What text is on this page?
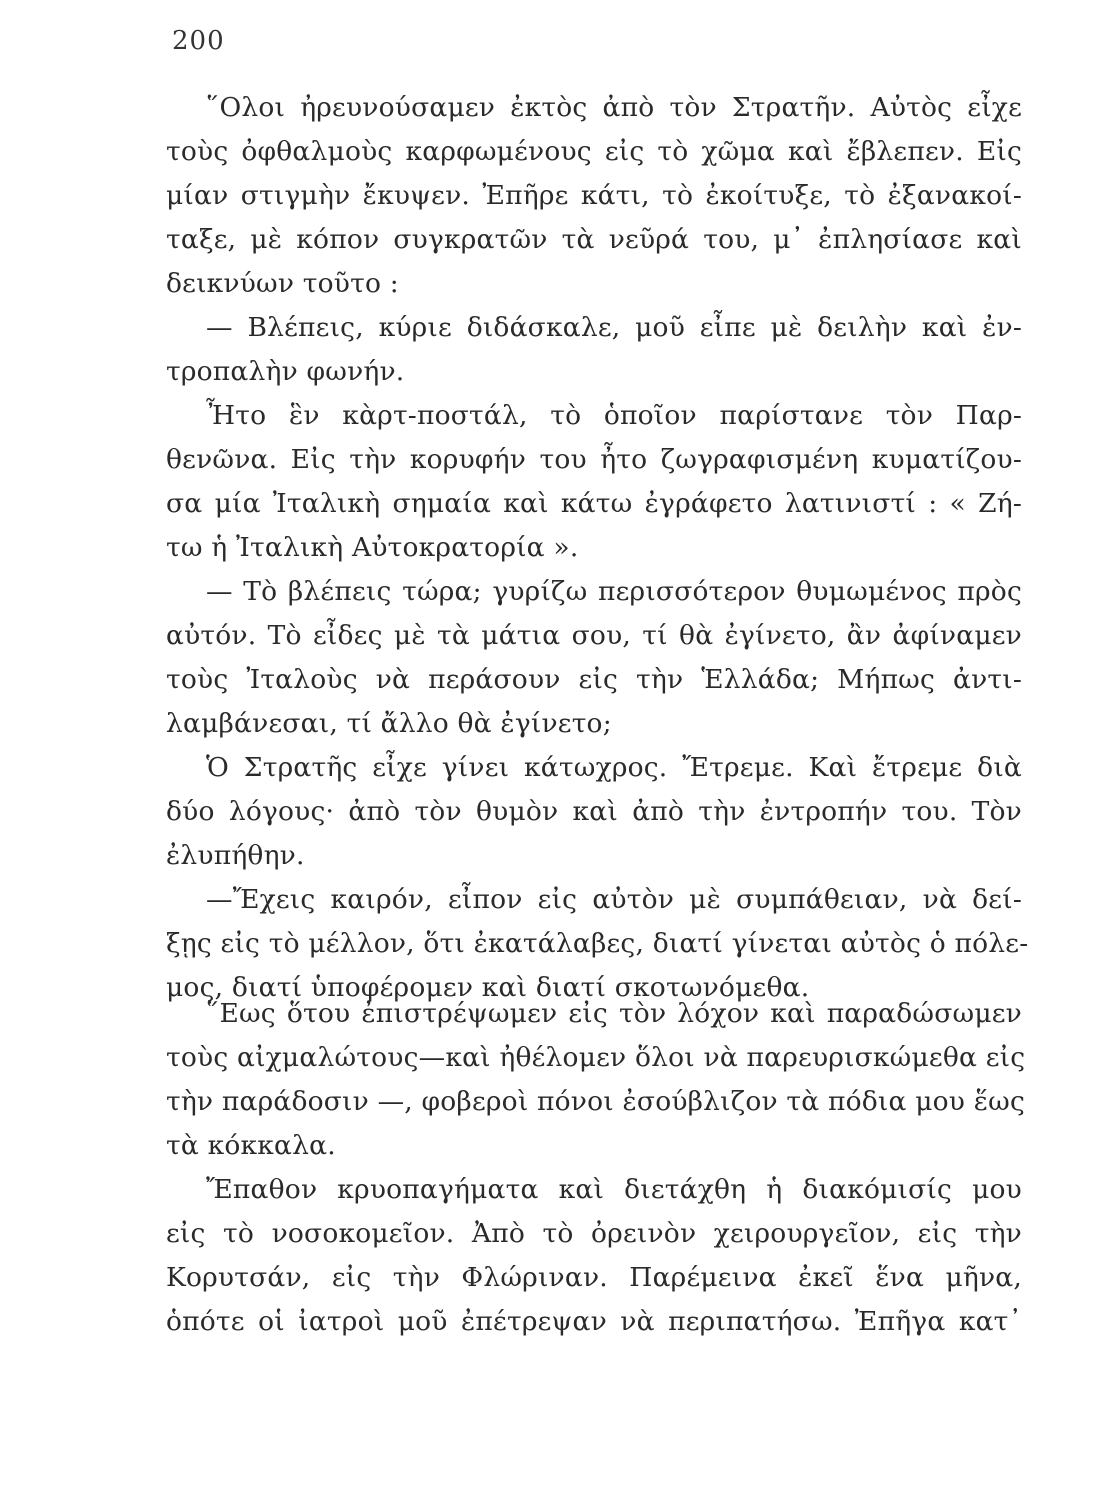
200
῞Ολοι ἠρευνούσαμεν ἐκτὸς ἀπὸ τὸν Στρατῆν. Αὐτὸς εἶχε
τοὺς ὀφθαλμοὺς καρφωμένους εἰς τὸ χῶμα καὶ ἔβλεπεν. Εἰς
μίαν στιγμὴν ἔκυψεν. Ἐπῆρε κάτι, τὸ ἐκοίτυξε, τὸ ἐξανακοί-
ταξε, μὲ κόπον συγκρατῶν τὰ νεῦρά του, μ᾽ ἐπλησίασε καὶ
δεικνύων τοῦτο :
— Βλέπεις, κύριε διδάσκαλε, μοῦ εἶπε μὲ δειλὴν καὶ ἐν-
τροπαλὴν φωνήν.
Ἦτο ἓν κὰρτ-ποστάλ, τὸ ὁποῖον παρίστανε τὸν Παρ-
θενῶνα. Εἰς τὴν κορυφήν του ἦτο ζωγραφισμένη κυματίζου-
σα μία Ἰταλικὴ σημαία καὶ κάτω ἐγράφετο λατινιστί : « Ζή-
τω ἡ Ἰταλικὴ Αὐτοκρατορία ».
— Τὸ βλέπεις τώρα; γυρίζω περισσότερον θυμωμένος πρὸς
αὐτόν. Τὸ εἶδες μὲ τὰ μάτια σου, τί θὰ ἐγίνετο, ἂν ἀφίναμεν
τοὺς Ἰταλοὺς νὰ περάσουν εἰς τὴν Ἑλλάδα; Μήπως ἀντι-
λαμβάνεσαι, τί ἄλλο θὰ ἐγίνετο;
Ὁ Στρατῆς εἶχε γίνει κάτωχρος. Ἔτρεμε. Καὶ ἔτρεμε διὰ
δύο λόγους· ἀπὸ τὸν θυμὸν καὶ ἀπὸ τὴν ἐντροπήν του. Τὸν
ἐλυπήθην.
—Ἔχεις καιρόν, εἶπον εἰς αὐτὸν μὲ συμπάθειαν, νὰ δεί-
ξῃς εἰς τὸ μέλλον, ὅτι ἐκατάλαβες, διατί γίνεται αὐτὸς ὁ πόλε-
μος, διατί ὑποφέρομεν καὶ διατί σκοτωνόμεθα.
῞Εως ὅτου ἐπιστρέψωμεν εἰς τὸν λόχον καὶ παραδώσωμεν
τοὺς αἰχμαλώτους—καὶ ἠθέλομεν ὅλοι νὰ παρευρισκώμεθα εἰς
τὴν παράδοσιν —, φοβεροὶ πόνοι ἐσούβλιζον τὰ πόδια μου ἕως
τὰ κόκκαλα.
Ἔπαθον κρυοπαγήματα καὶ διετάχθη ἡ διακόμισίς μου
εἰς τὸ νοσοκομεῖον. Ἀπὸ τὸ ὀρεινὸν χειρουργεῖον, εἰς τὴν
Κορυτσάν, εἰς τὴν Φλώριναν. Παρέμεινα ἐκεῖ ἕνα μῆνα,
ὁπότε οἱ ἰατροὶ μοῦ ἐπέτρεψαν νὰ περιπατήσω. Ἐπῆγα κατ᾽
